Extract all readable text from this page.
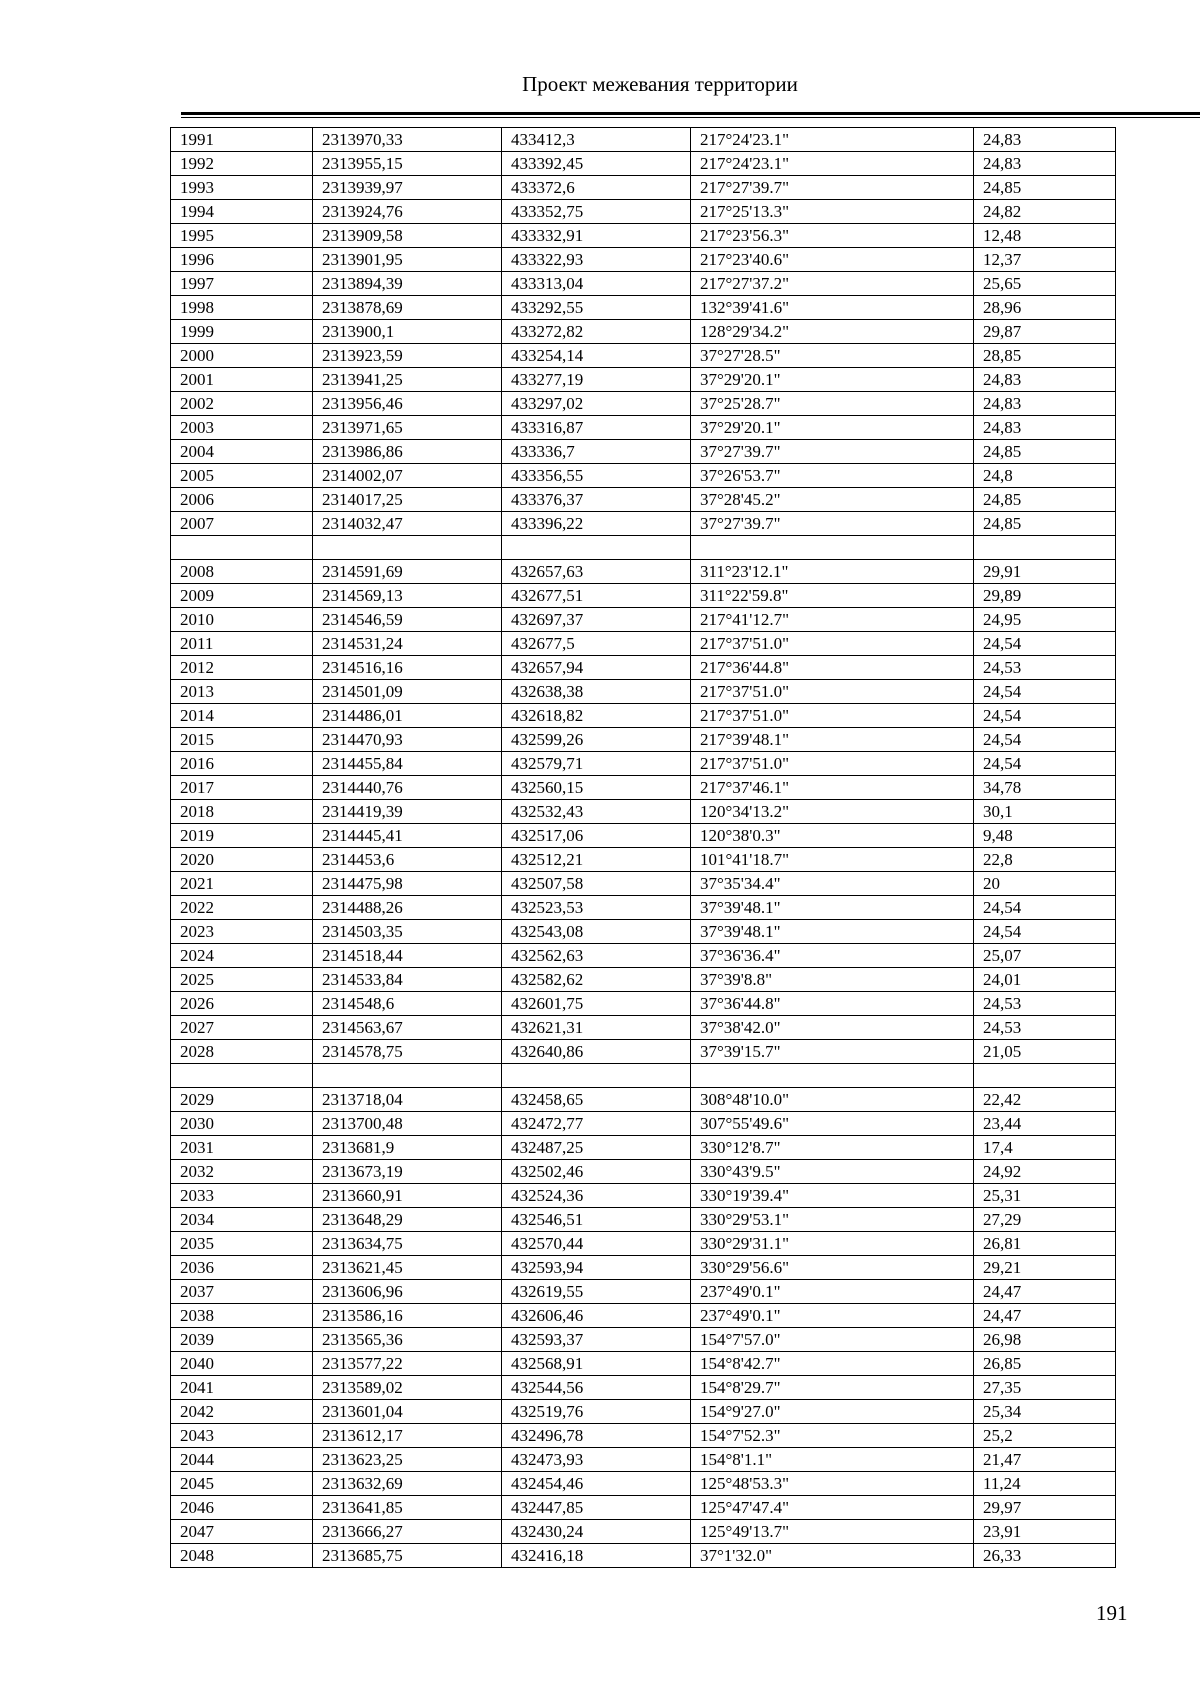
Проект межевания территории
1991	2313970,33	433412,3	217°24'23.1"	24,83
1992	2313955,15	433392,45	217°24'23.1"	24,83
1993	2313939,97	433372,6	217°27'39.7"	24,85
1994	2313924,76	433352,75	217°25'13.3"	24,82
1995	2313909,58	433332,91	217°23'56.3"	12,48
1996	2313901,95	433322,93	217°23'40.6"	12,37
1997	2313894,39	433313,04	217°27'37.2"	25,65
1998	2313878,69	433292,55	132°39'41.6"	28,96
1999	2313900,1	433272,82	128°29'34.2"	29,87
2000	2313923,59	433254,14	37°27'28.5"	28,85
2001	2313941,25	433277,19	37°29'20.1"	24,83
2002	2313956,46	433297,02	37°25'28.7"	24,83
2003	2313971,65	433316,87	37°29'20.1"	24,83
2004	2313986,86	433336,7	37°27'39.7"	24,85
2005	2314002,07	433356,55	37°26'53.7"	24,8
2006	2314017,25	433376,37	37°28'45.2"	24,85
2007	2314032,47	433396,22	37°27'39.7"	24,85

2008	2314591,69	432657,63	311°23'12.1"	29,91
2009	2314569,13	432677,51	311°22'59.8"	29,89
2010	2314546,59	432697,37	217°41'12.7"	24,95
2011	2314531,24	432677,5	217°37'51.0"	24,54
2012	2314516,16	432657,94	217°36'44.8"	24,53
2013	2314501,09	432638,38	217°37'51.0"	24,54
2014	2314486,01	432618,82	217°37'51.0"	24,54
2015	2314470,93	432599,26	217°39'48.1"	24,54
2016	2314455,84	432579,71	217°37'51.0"	24,54
2017	2314440,76	432560,15	217°37'46.1"	34,78
2018	2314419,39	432532,43	120°34'13.2"	30,1
2019	2314445,41	432517,06	120°38'0.3"	9,48
2020	2314453,6	432512,21	101°41'18.7"	22,8
2021	2314475,98	432507,58	37°35'34.4"	20
2022	2314488,26	432523,53	37°39'48.1"	24,54
2023	2314503,35	432543,08	37°39'48.1"	24,54
2024	2314518,44	432562,63	37°36'36.4"	25,07
2025	2314533,84	432582,62	37°39'8.8"	24,01
2026	2314548,6	432601,75	37°36'44.8"	24,53
2027	2314563,67	432621,31	37°38'42.0"	24,53
2028	2314578,75	432640,86	37°39'15.7"	21,05

2029	2313718,04	432458,65	308°48'10.0"	22,42
2030	2313700,48	432472,77	307°55'49.6"	23,44
2031	2313681,9	432487,25	330°12'8.7"	17,4
2032	2313673,19	432502,46	330°43'9.5"	24,92
2033	2313660,91	432524,36	330°19'39.4"	25,31
2034	2313648,29	432546,51	330°29'53.1"	27,29
2035	2313634,75	432570,44	330°29'31.1"	26,81
2036	2313621,45	432593,94	330°29'56.6"	29,21
2037	2313606,96	432619,55	237°49'0.1"	24,47
2038	2313586,16	432606,46	237°49'0.1"	24,47
2039	2313565,36	432593,37	154°7'57.0"	26,98
2040	2313577,22	432568,91	154°8'42.7"	26,85
2041	2313589,02	432544,56	154°8'29.7"	27,35
2042	2313601,04	432519,76	154°9'27.0"	25,34
2043	2313612,17	432496,78	154°7'52.3"	25,2
2044	2313623,25	432473,93	154°8'1.1"	21,47
2045	2313632,69	432454,46	125°48'53.3"	11,24
2046	2313641,85	432447,85	125°47'47.4"	29,97
2047	2313666,27	432430,24	125°49'13.7"	23,91
2048	2313685,75	432416,18	37°1'32.0"	26,33
191
